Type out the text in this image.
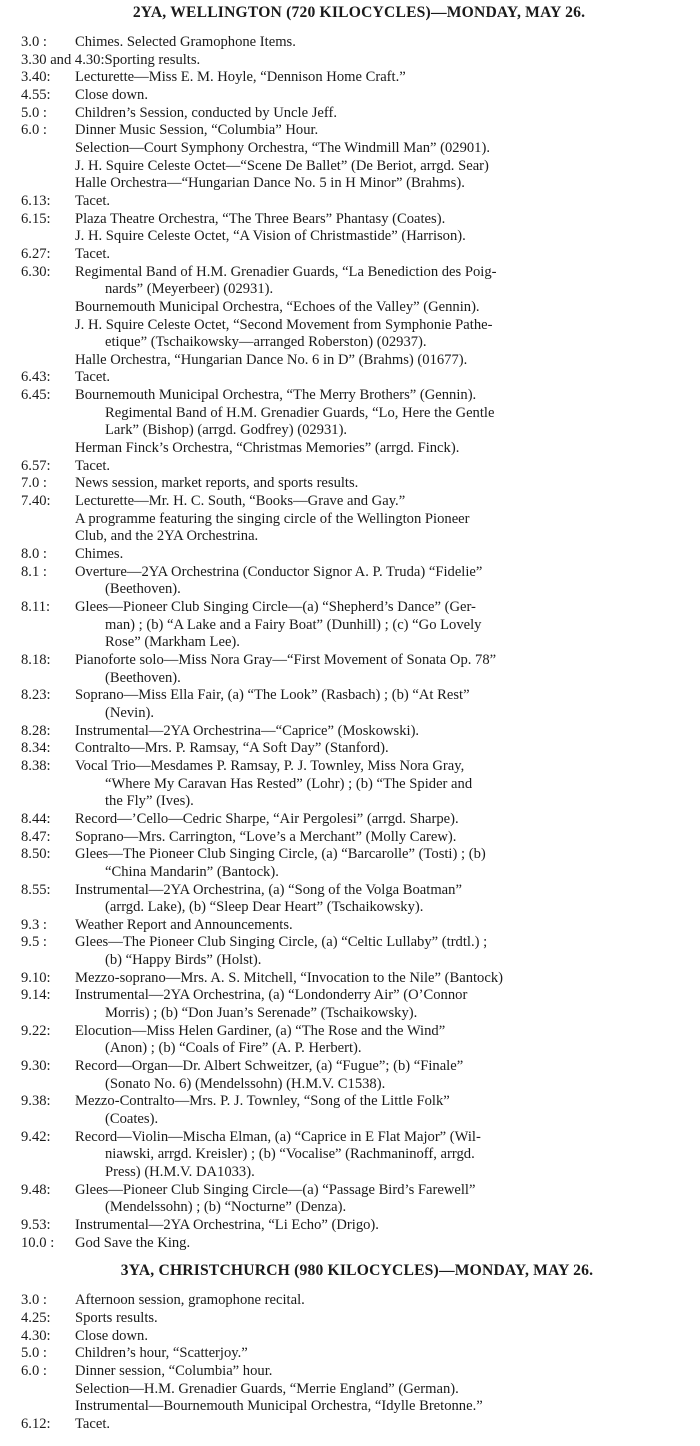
2YA, WELLINGTON (720 KILOCYCLES)—MONDAY, MAY 26.
3.0 :	Chimes. Selected Gramophone Items.
3.30 and 4.30: Sporting results.
3.40:	Lecturette—Miss E. M. Hoyle, “Dennison Home Craft.”
4.55:	Close down.
5.0 :	Children’s Session, conducted by Uncle Jeff.
6.0 :	Dinner Music Session, “Columbia” Hour.
Selection—Court Symphony Orchestra, “The Windmill Man” (02901).
J. H. Squire Celeste Octet—“Scene De Ballet” (De Beriot, arrgd. Sear)
Halle Orchestra—“Hungarian Dance No. 5 in H Minor” (Brahms).
6.13:	Tacet.
6.15:	Plaza Theatre Orchestra, “The Three Bears” Phantasy (Coates).
J. H. Squire Celeste Octet, “A Vision of Christmastide” (Harrison).
6.27:	Tacet.
6.30:	Regimental Band of H.M. Grenadier Guards, “La Benediction des Poig-
nards” (Meyerbeer) (02931).
Bournemouth Municipal Orchestra, “Echoes of the Valley” (Gennin).
J. H. Squire Celeste Octet, “Second Movement from Symphonie Pathe-
etique” (Tschaikowsky—arranged Roberston) (02937).
Halle Orchestra, “Hungarian Dance No. 6 in D” (Brahms) (01677).
6.43:	Tacet.
6.45:	Bournemouth Municipal Orchestra, “The Merry Brothers” (Gennin).
Regimental Band of H.M. Grenadier Guards, “Lo, Here the Gentle
Lark” (Bishop) (arrgd. Godfrey) (02931).
Herman Finck’s Orchestra, “Christmas Memories” (arrgd. Finck).
6.57:	Tacet.
7.0 :	News session, market reports, and sports results.
7.40:	Lecturette—Mr. H. C. South, “Books—Grave and Gay.”
A programme featuring the singing circle of the Wellington Pioneer
Club, and the 2YA Orchestrina.
8.0 :	Chimes.
8.1 :	Overture—2YA Orchestrina (Conductor Signor A. P. Truda) “Fidelie”
(Beethoven).
8.11:	Glees—Pioneer Club Singing Circle—(a) “Shepherd’s Dance” (Ger-
man) ; (b) “A Lake and a Fairy Boat” (Dunhill) ; (c) “Go Lovely
Rose” (Markham Lee).
8.18:	Pianoforte solo—Miss Nora Gray—“First Movement of Sonata Op. 78”
(Beethoven).
8.23:	Soprano—Miss Ella Fair, (a) “The Look” (Rasbach) ; (b) “At Rest”
(Nevin).
8.28:	Instrumental—2YA Orchestrina—“Caprice” (Moskowski).
8.34:	Contralto—Mrs. P. Ramsay, “A Soft Day” (Stanford).
8.38:	Vocal Trio—Mesdames P. Ramsay, P. J. Townley, Miss Nora Gray,
“Where My Caravan Has Rested” (Lohr) ; (b) “The Spider and
the Fly” (Ives).
8.44:	Record—’Cello—Cedric Sharpe, “Air Pergolesi” (arrgd. Sharpe).
8.47:	Soprano—Mrs. Carrington, “Love’s a Merchant” (Molly Carew).
8.50:	Glees—The Pioneer Club Singing Circle, (a) “Barcarolle” (Tosti) ; (b)
“China Mandarin” (Bantock).
8.55:	Instrumental—2YA Orchestrina, (a) “Song of the Volga Boatman”
(arrgd. Lake), (b) “Sleep Dear Heart” (Tschaikowsky).
9.3 :	Weather Report and Announcements.
9.5 :	Glees—The Pioneer Club Singing Circle, (a) “Celtic Lullaby” (trdtl.) ;
(b) “Happy Birds” (Holst).
9.10:	Mezzo-soprano—Mrs. A. S. Mitchell, “Invocation to the Nile” (Bantock)
9.14:	Instrumental—2YA Orchestrina, (a) “Londonderry Air” (O’Connor
Morris) ; (b) “Don Juan’s Serenade” (Tschaikowsky).
9.22:	Elocution—Miss Helen Gardiner, (a) “The Rose and the Wind”
(Anon) ; (b) “Coals of Fire” (A. P. Herbert).
9.30:	Record—Organ—Dr. Albert Schweitzer, (a) “Fugue”; (b) “Finale”
(Sonato No. 6) (Mendelssohn) (H.M.V. C1538).
9.38:	Mezzo-Contralto—Mrs. P. J. Townley, “Song of the Little Folk”
(Coates).
9.42:	Record—Violin—Mischa Elman, (a) “Caprice in E Flat Major” (Wil-
niawski, arrgd. Kreisler) ; (b) “Vocalise” (Rachmaninoff, arrgd.
Press) (H.M.V. DA1033).
9.48:	Glees—Pioneer Club Singing Circle—(a) “Passage Bird’s Farewell”
(Mendelssohn) ; (b) “Nocturne” (Denza).
9.53:	Instrumental—2YA Orchestrina, “Li Echo” (Drigo).
10.0 :	God Save the King.
3YA, CHRISTCHURCH (980 KILOCYCLES)—MONDAY, MAY 26.
3.0 :	Afternoon session, gramophone recital.
4.25:	Sports results.
4.30:	Close down.
5.0 :	Children’s hour, “Scatterjoy.”
6.0 :	Dinner session, “Columbia” hour.
Selection—H.M. Grenadier Guards, “Merrie England” (German).
Instrumental—Bournemouth Municipal Orchestra, “Idylle Bretonne.”
6.12:	Tacet.
